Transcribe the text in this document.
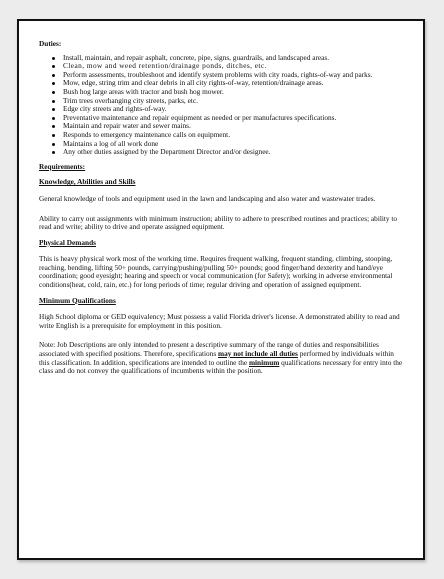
Duties:
Install, maintain, and repair asphalt, concrete, pipe, signs, guardrails, and landscaped areas.
Clean, mow and weed retention/drainage ponds, ditches, etc.
Perform assessments, troubleshoot and identify system problems with city roads, rights-of-way and parks.
Mow, edge, string trim and clear debris in all city rights-of-way, retention/drainage areas.
Bush hog large areas with tractor and bush hog mower.
Trim trees overhanging city streets, parks, etc.
Edge city streets and rights-of-way.
Preventative maintenance and repair equipment as needed or per manufactures specifications.
Maintain and repair water and sewer mains.
Responds to emergency maintenance calls on equipment.
Maintains a log of all work done
Any other duties assigned by the Department Director and/or designee.
Requirements:
Knowledge, Abilities and Skills

General knowledge of tools and equipment used in the lawn and landscaping and also water and wastewater trades.

Ability to carry out assignments with minimum instruction; ability to adhere to prescribed routines and practices; ability to read and write; ability to drive and operate assigned equipment.

Physical Demands

This is heavy physical work most of the working time. Requires frequent walking, frequent standing, climbing, stooping, reaching, bending, lifting 50+ pounds, carrying/pushing/pulling 50+ pounds; good finger/hand dexterity and hand/eye coordination; good eyesight; hearing and speech or vocal communication (for Safety); working in adverse environmental conditions(heat, cold, rain, etc.) for long periods of time; regular driving and operation of assigned equipment.

Minimum Qualifications

High School diploma or GED equivalency; Must possess a valid Florida driver's license. A demonstrated ability to read and write English is a prerequisite for employment in this position.

Note: Job Descriptions are only intended to present a descriptive summary of the range of duties and responsibilities associated with specified positions. Therefore, specifications may not include all duties performed by individuals within this classification. In addition, specifications are intended to outline the minimum qualifications necessary for entry into the class and do not convey the qualifications of incumbents within the position.
